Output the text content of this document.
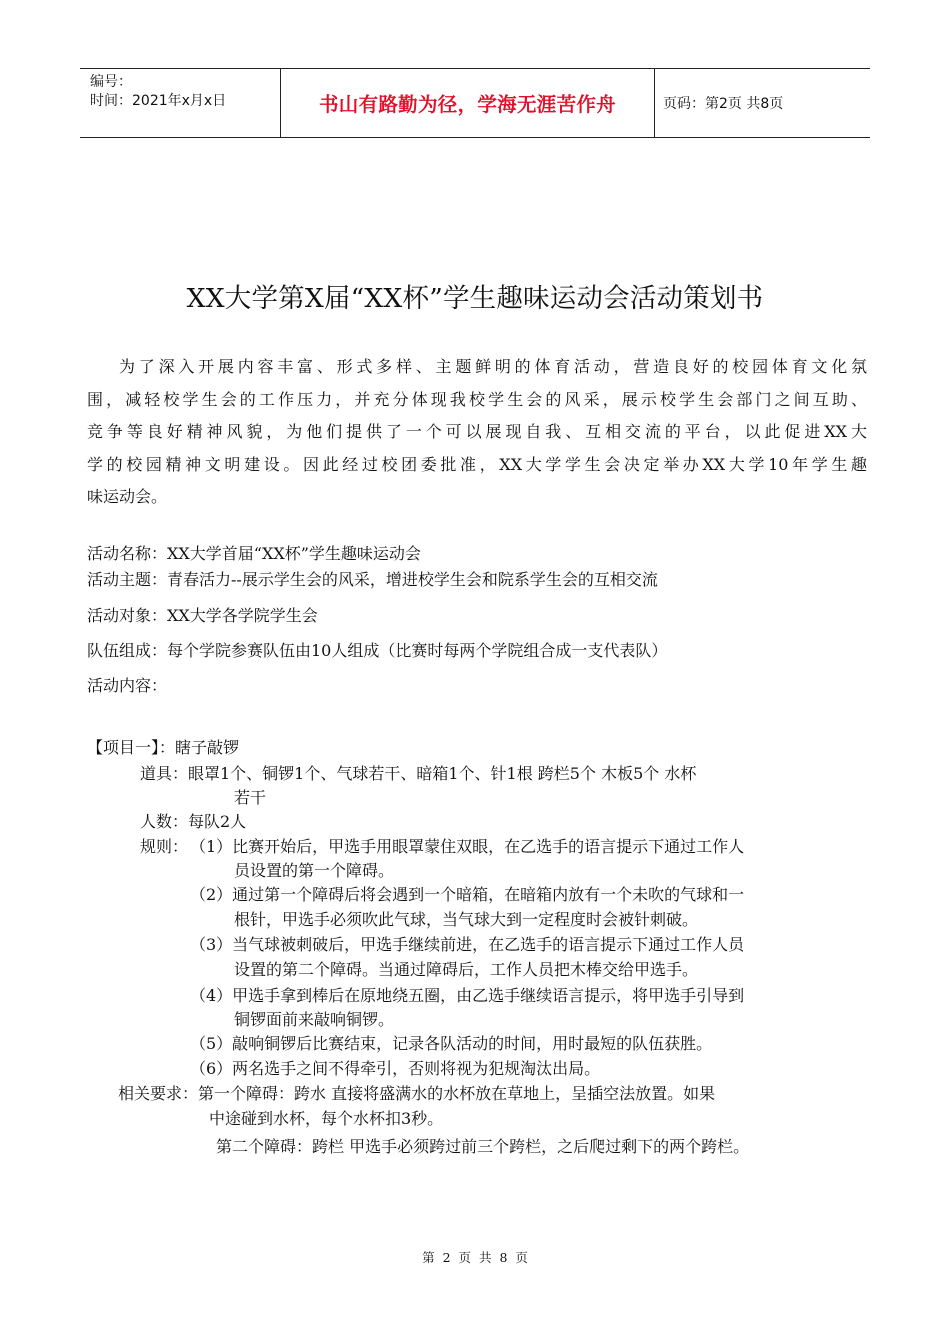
编号：
时间：2021年x月x日	书山有路勤为径，学海无涯苦作舟	页码：第2页 共8页
XX大学第X届“XX杯”学生趣味运动会活动策划书
为了深入开展内容丰富、形式多样、主题鲜明的体育活动，营造良好的校园体育文化氛
围，减轻校学生会的工作压力，并充分体现我校学生会的风采，展示校学生会部门之间互助、
竞争等良好精神风貌，为他们提供了一个可以展现自我、互相交流的平台，以此促进XX大
学的校园精神文明建设。因此经过校团委批准，XX大学学生会决定举办XX大学10年学生趣
味运动会。
活动名称：XX大学首届“XX杯”学生趣味运动会
活动主题：青春活力--展示学生会的风采，增进校学生会和院系学生会的互相交流
活动对象：XX大学各学院学生会
队伍组成：每个学院参赛队伍由10人组成（比赛时每两个学院组合成一支代表队）
活动内容：
【项目一】：瞎子敲锣
道具：眼罩1个、铜锣1个、气球若干、暗箱1个、针1根 跨栏5个 木板5个 水杯
若干
人数：每队2人
规则： （1）比赛开始后，甲选手用眼罩蒙住双眼，在乙选手的语言提示下通过工作人
员设置的第一个障碍。
（2）通过第一个障碍后将会遇到一个暗箱，在暗箱内放有一个未吹的气球和一
根针，甲选手必须吹此气球，当气球大到一定程度时会被针刺破。
（3）当气球被刺破后，甲选手继续前进，在乙选手的语言提示下通过工作人员
设置的第二个障碍。当通过障碍后，工作人员把木棒交给甲选手。
（4）甲选手拿到棒后在原地绕五圈，由乙选手继续语言提示，将甲选手引导到
铜锣面前来敲响铜锣。
（5）敲响铜锣后比赛结束，记录各队活动的时间，用时最短的队伍获胜。
（6）两名选手之间不得牵引，否则将视为犯规淘汰出局。
相关要求：第一个障碍：跨水 直接将盛满水的水杯放在草地上，呈插空法放置。如果
中途碰到水杯，每个水杯扣3秒。
第二个障碍：跨栏 甲选手必须跨过前三个跨栏，之后爬过剩下的两个跨栏。
第 2 页 共 8 页
